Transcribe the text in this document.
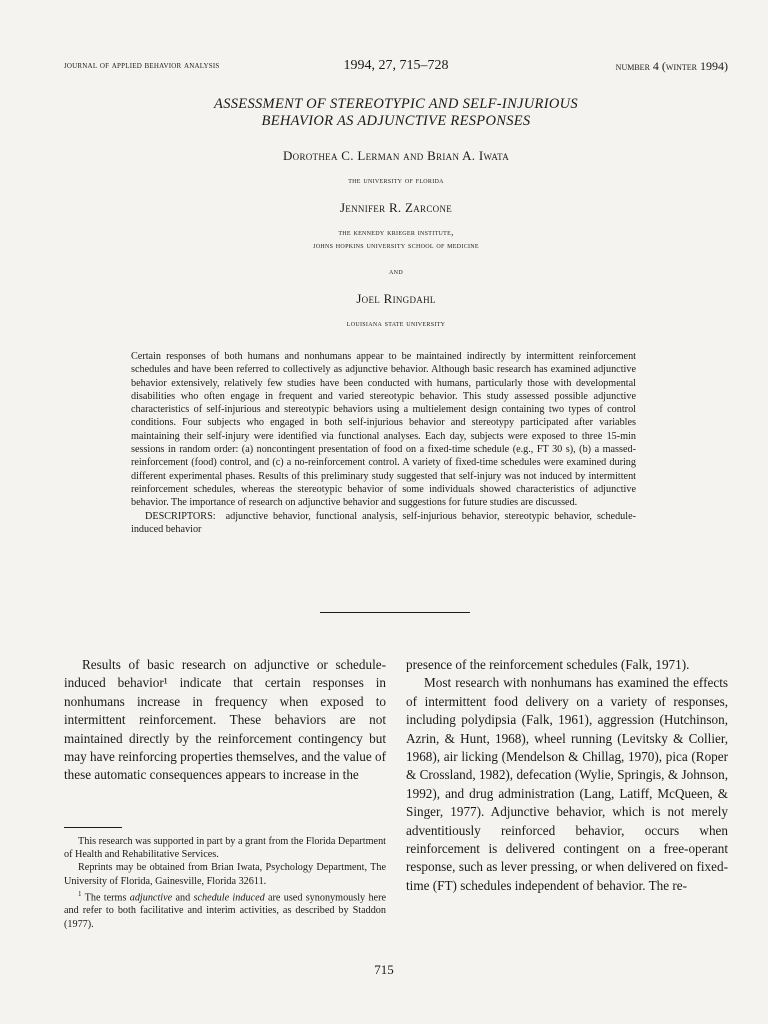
journal of applied behavior analysis	1994, 27, 715–728	number 4 (winter 1994)
ASSESSMENT OF STEREOTYPIC AND SELF-INJURIOUS
BEHAVIOR AS ADJUNCTIVE RESPONSES
Dorothea C. Lerman and Brian A. Iwata
the university of florida
Jennifer R. Zarcone
the kennedy krieger institute,
johns hopkins university school of medicine
and
Joel Ringdahl
louisiana state university

Certain responses of both humans and nonhumans appear to be maintained indirectly by intermittent reinforcement schedules and have been referred to collectively as adjunctive behavior. Although basic research has examined adjunctive behavior extensively, relatively few studies have been conducted with humans, particularly those with developmental disabilities who often engage in frequent and varied stereotypic behavior. This study assessed possible adjunctive characteristics of self-injurious and stereotypic behaviors using a multielement design containing two types of control conditions. Four subjects who engaged in both self-injurious behavior and stereotypy participated after variables maintaining their self-injury were identified via functional analyses. Each day, subjects were exposed to three 15-min sessions in random order: (a) noncontingent presentation of food on a fixed-time schedule (e.g., FT 30 s), (b) a massed-reinforcement (food) control, and (c) a no-reinforcement control. A variety of fixed-time schedules were examined during different experimental phases. Results of this preliminary study suggested that self-injury was not induced by intermittent reinforcement schedules, whereas the stereotypic behavior of some individuals showed characteristics of adjunctive behavior. The importance of research on adjunctive behavior and suggestions for future studies are discussed.

DESCRIPTORS: adjunctive behavior, functional analysis, self-injurious behavior, stereotypic behavior, schedule-induced behavior

Results of basic research on adjunctive or schedule-induced behavior¹ indicate that certain responses in nonhumans increase in frequency when exposed to intermittent reinforcement. These behaviors are not maintained directly by the reinforcement contingency but may have reinforcing properties themselves, and the value of these automatic consequences appears to increase in the

presence of the reinforcement schedules (Falk, 1971).

Most research with nonhumans has examined the effects of intermittent food delivery on a variety of responses, including polydipsia (Falk, 1961), aggression (Hutchinson, Azrin, & Hunt, 1968), wheel running (Levitsky & Collier, 1968), air licking (Mendelson & Chillag, 1970), pica (Roper & Crossland, 1982), defecation (Wylie, Springis, & Johnson, 1992), and drug administration (Lang, Latiff, McQueen, & Singer, 1977). Adjunctive behavior, which is not merely adventitiously reinforced behavior, occurs when reinforcement is delivered contingent on a free-operant response, such as lever pressing, or when delivered on fixed-time (FT) schedules independent of behavior. The re-

This research was supported in part by a grant from the Florida Department of Health and Rehabilitative Services.

Reprints may be obtained from Brian Iwata, Psychology Department, The University of Florida, Gainesville, Florida 32611.

$^1$ The terms adjunctive and schedule induced are used synonymously here and refer to both facilitative and interim activities, as described by Staddon (1977).

715
